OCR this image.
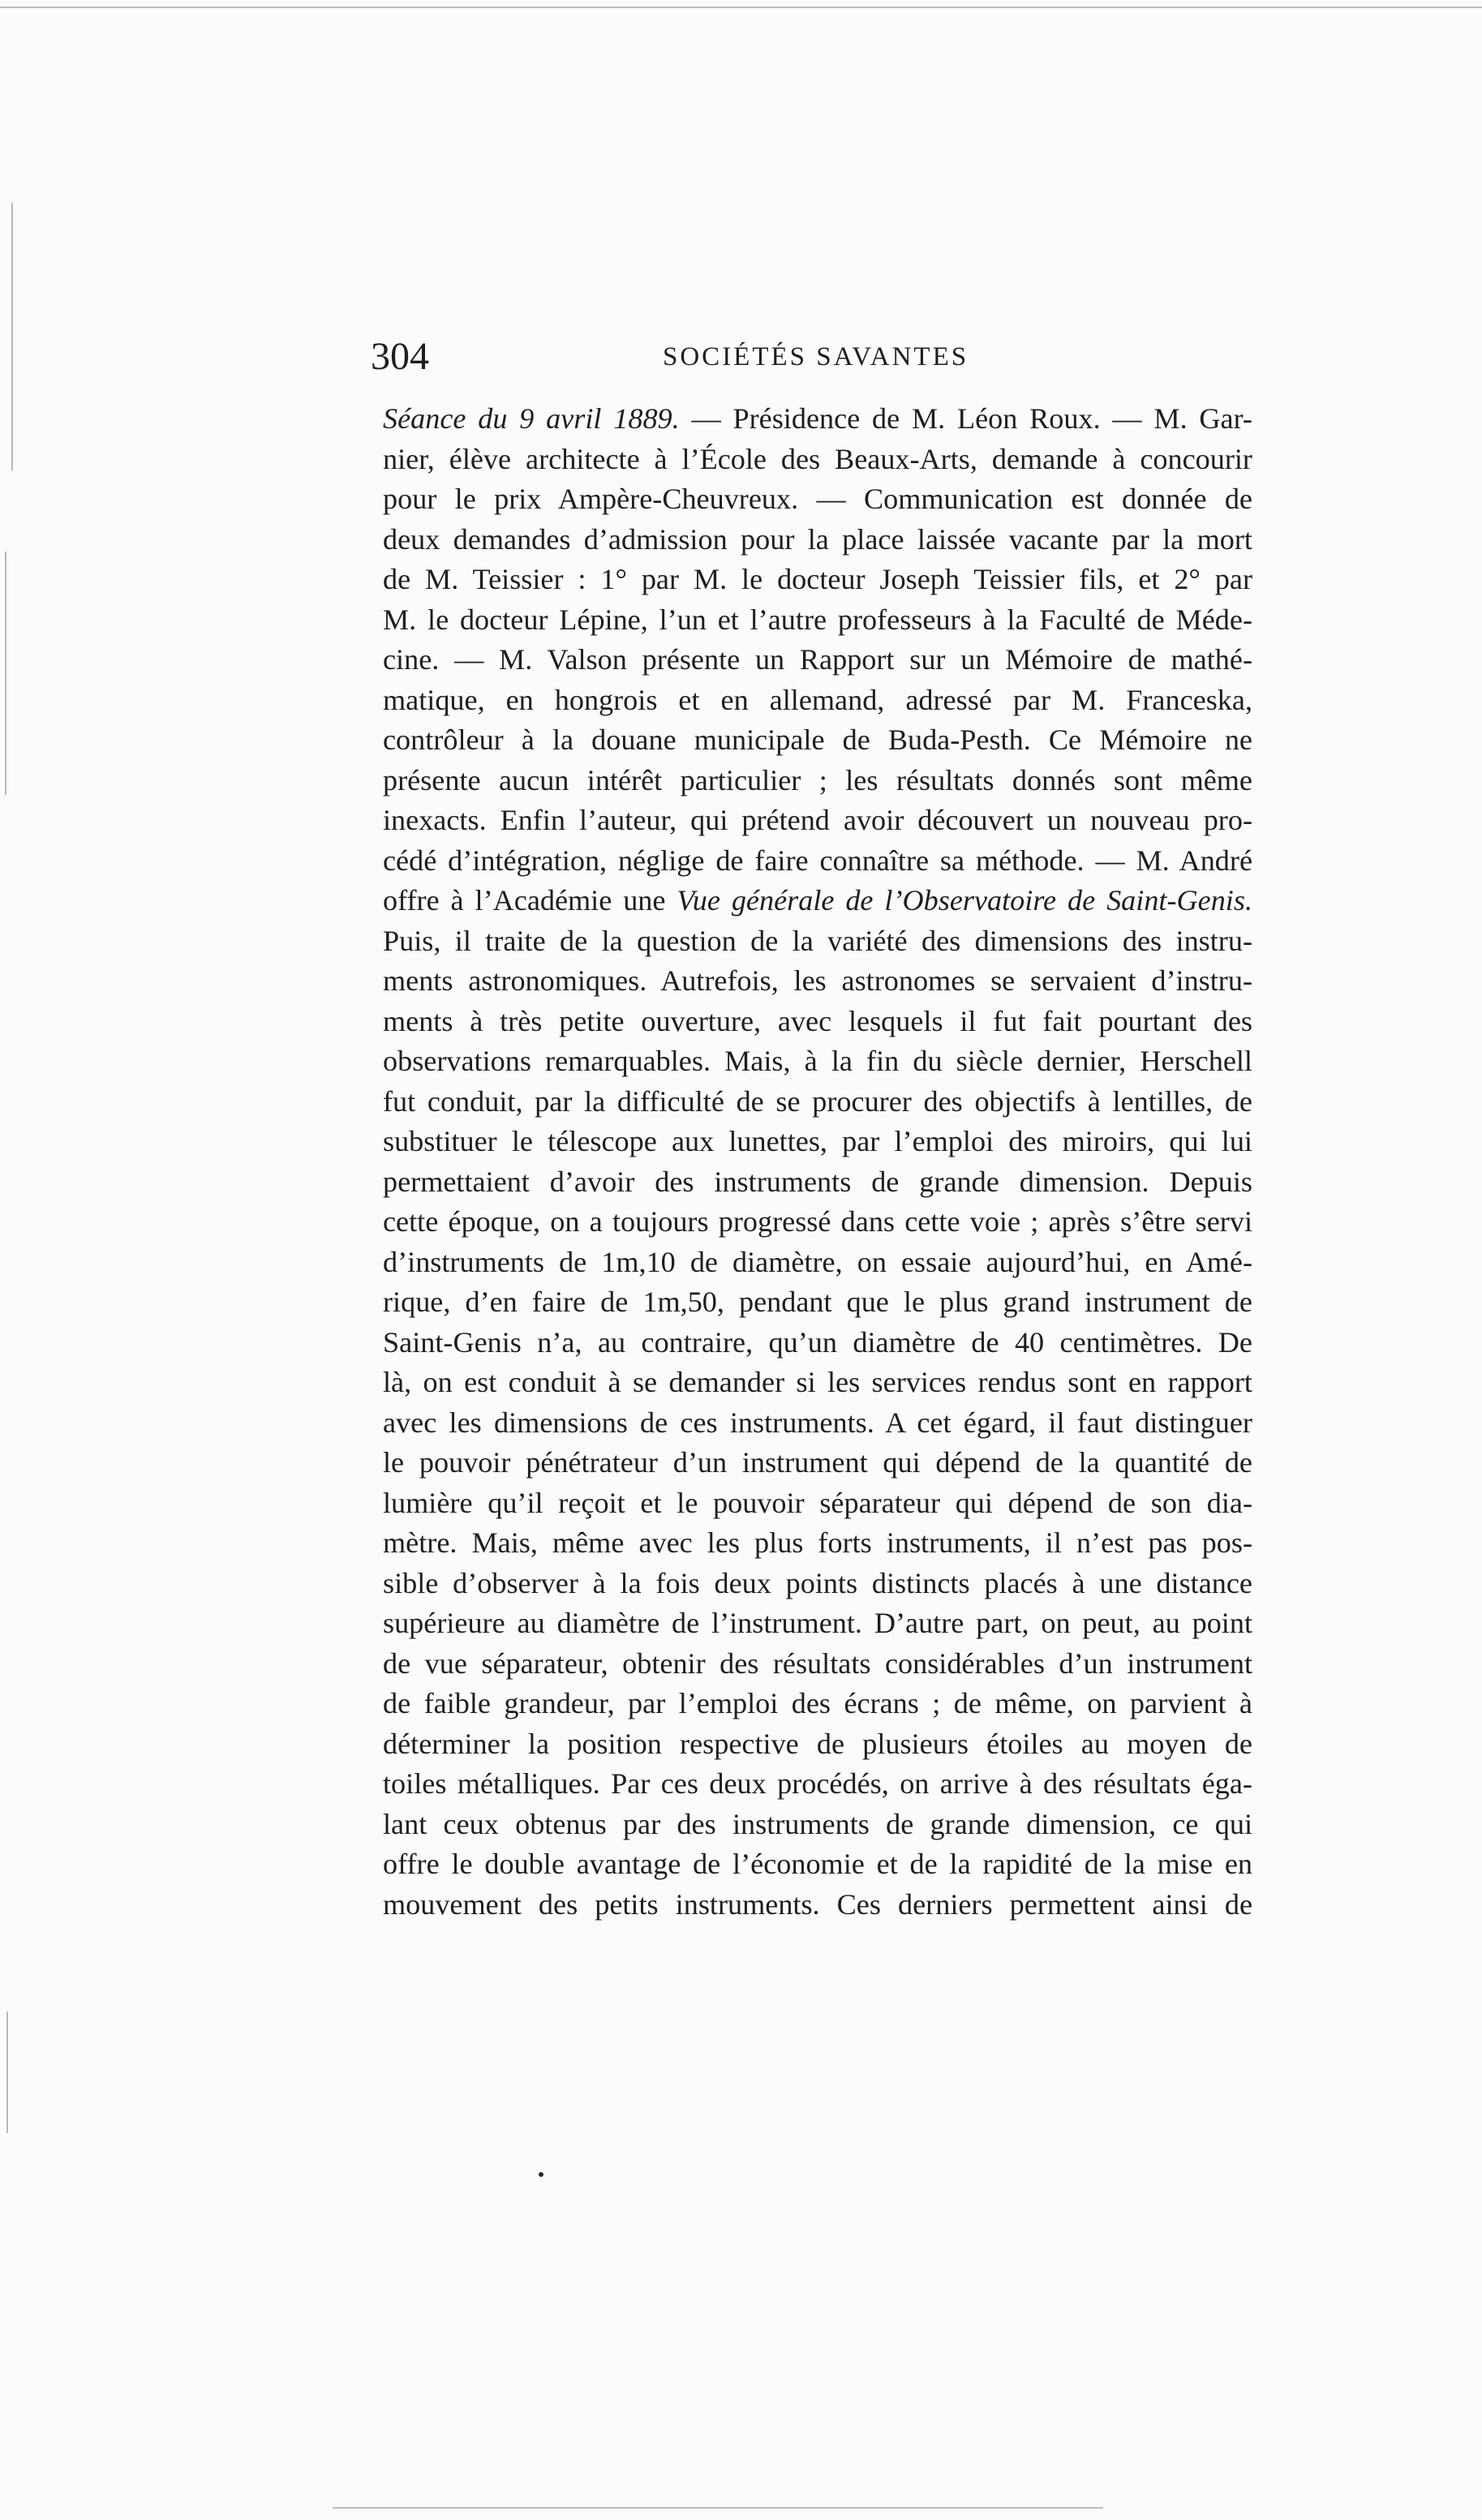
304	SOCIÉTÉS SAVANTES
Séance du 9 avril 1889. — Présidence de M. Léon Roux. — M. Gar-
nier, élève architecte à l’École des Beaux-Arts, demande à concourir
pour le prix Ampère-Cheuvreux. — Communication est donnée de
deux demandes d’admission pour la place laissée vacante par la mort
de M. Teissier : 1° par M. le docteur Joseph Teissier fils, et 2° par
M. le docteur Lépine, l’un et l’autre professeurs à la Faculté de Méde-
cine. — M. Valson présente un Rapport sur un Mémoire de mathé-
matique, en hongrois et en allemand, adressé par M. Franceska,
contrôleur à la douane municipale de Buda-Pesth. Ce Mémoire ne
présente aucun intérêt particulier ; les résultats donnés sont même
inexacts. Enfin l’auteur, qui prétend avoir découvert un nouveau pro-
cédé d’intégration, néglige de faire connaître sa méthode. — M. André
offre à l’Académie une Vue générale de l’Observatoire de Saint-Genis.
Puis, il traite de la question de la variété des dimensions des instru-
ments astronomiques. Autrefois, les astronomes se servaient d’instru-
ments à très petite ouverture, avec lesquels il fut fait pourtant des
observations remarquables. Mais, à la fin du siècle dernier, Herschell
fut conduit, par la difficulté de se procurer des objectifs à lentilles, de
substituer le télescope aux lunettes, par l’emploi des miroirs, qui lui
permettaient d’avoir des instruments de grande dimension. Depuis
cette époque, on a toujours progressé dans cette voie ; après s’être servi
d’instruments de 1m,10 de diamètre, on essaie aujourd’hui, en Amé-
rique, d’en faire de 1m,50, pendant que le plus grand instrument de
Saint-Genis n’a, au contraire, qu’un diamètre de 40 centimètres. De
là, on est conduit à se demander si les services rendus sont en rapport
avec les dimensions de ces instruments. A cet égard, il faut distinguer
le pouvoir pénétrateur d’un instrument qui dépend de la quantité de
lumière qu’il reçoit et le pouvoir séparateur qui dépend de son dia-
mètre. Mais, même avec les plus forts instruments, il n’est pas pos-
sible d’observer à la fois deux points distincts placés à une distance
supérieure au diamètre de l’instrument. D’autre part, on peut, au point
de vue séparateur, obtenir des résultats considérables d’un instrument
de faible grandeur, par l’emploi des écrans ; de même, on parvient à
déterminer la position respective de plusieurs étoiles au moyen de
toiles métalliques. Par ces deux procédés, on arrive à des résultats éga-
lant ceux obtenus par des instruments de grande dimension, ce qui
offre le double avantage de l’économie et de la rapidité de la mise en
mouvement des petits instruments. Ces derniers permettent ainsi de
